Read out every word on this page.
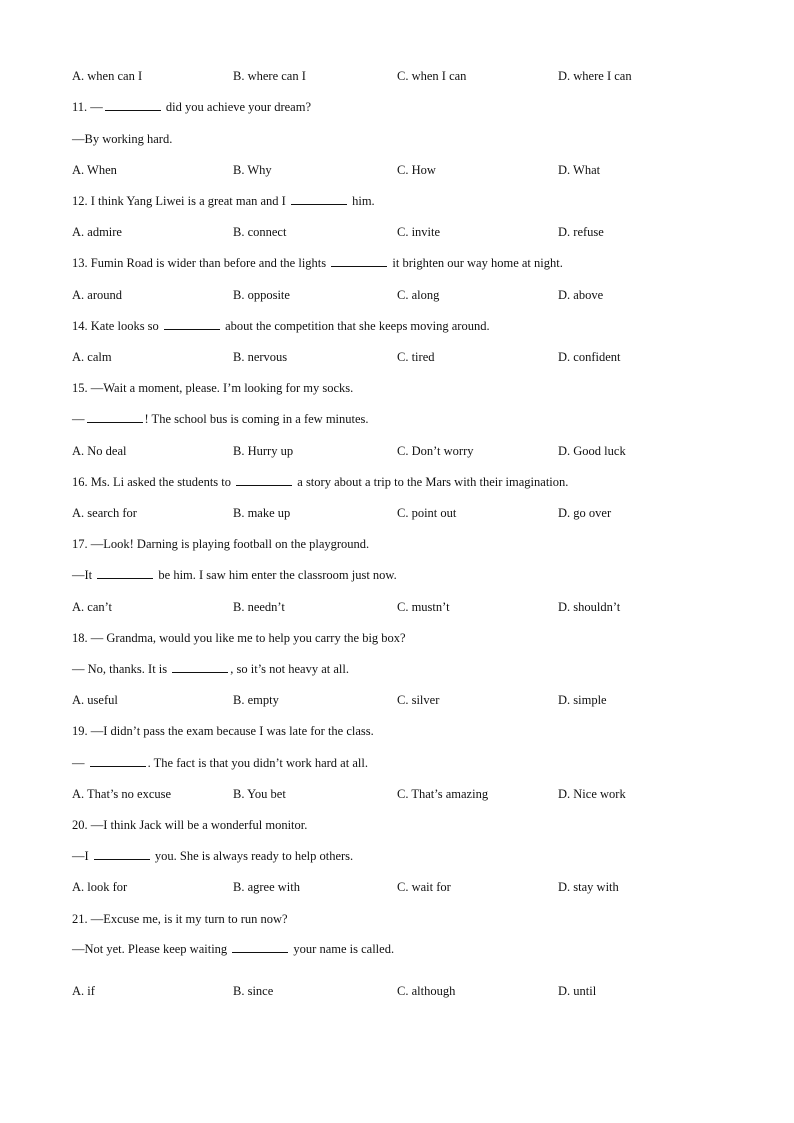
A. when can I	B. where can I	C. when I can	D. where I can
11. —	did you achieve your dream?
—By working hard.
A. When	B. Why	C. How	D. What
12. I think Yang Liwei is a great man and I	him.
A. admire	B. connect	C. invite	D. refuse
13. Fumin Road is wider than before and the lights	it brighten our way home at night.
A. around	B. opposite	C. along	D. above
14. Kate looks so	about the competition that she keeps moving around.
A. calm	B. nervous	C. tired	D. confident
15. —Wait a moment, please. I’m looking for my socks.
—	! The school bus is coming in a few minutes.
A. No deal	B. Hurry up	C. Don’t worry	D. Good luck
16. Ms. Li asked the students to	a story about a trip to the Mars with their imagination.
A. search for	B. make up	C. point out	D. go over
17. —Look! Darning is playing football on the playground.
—It	be him. I saw him enter the classroom just now.
A. can’t	B. needn’t	C. mustn’t	D. shouldn’t
18. — Grandma, would you like me to help you carry the big box?
— No, thanks. It is	, so it’s not heavy at all.
A. useful	B. empty	C. silver	D. simple
19. —I didn’t pass the exam because I was late for the class.
—	. The fact is that you didn’t work hard at all.
A. That’s no excuse	B. You bet	C. That’s amazing	D. Nice work
20. —I think Jack will be a wonderful monitor.
—I	you. She is always ready to help others.
A. look for	B. agree with	C. wait for	D. stay with
21. —Excuse me, is it my turn to run now?
—Not yet. Please keep waiting	your name is called.
A. if	B. since	C. although	D. until
